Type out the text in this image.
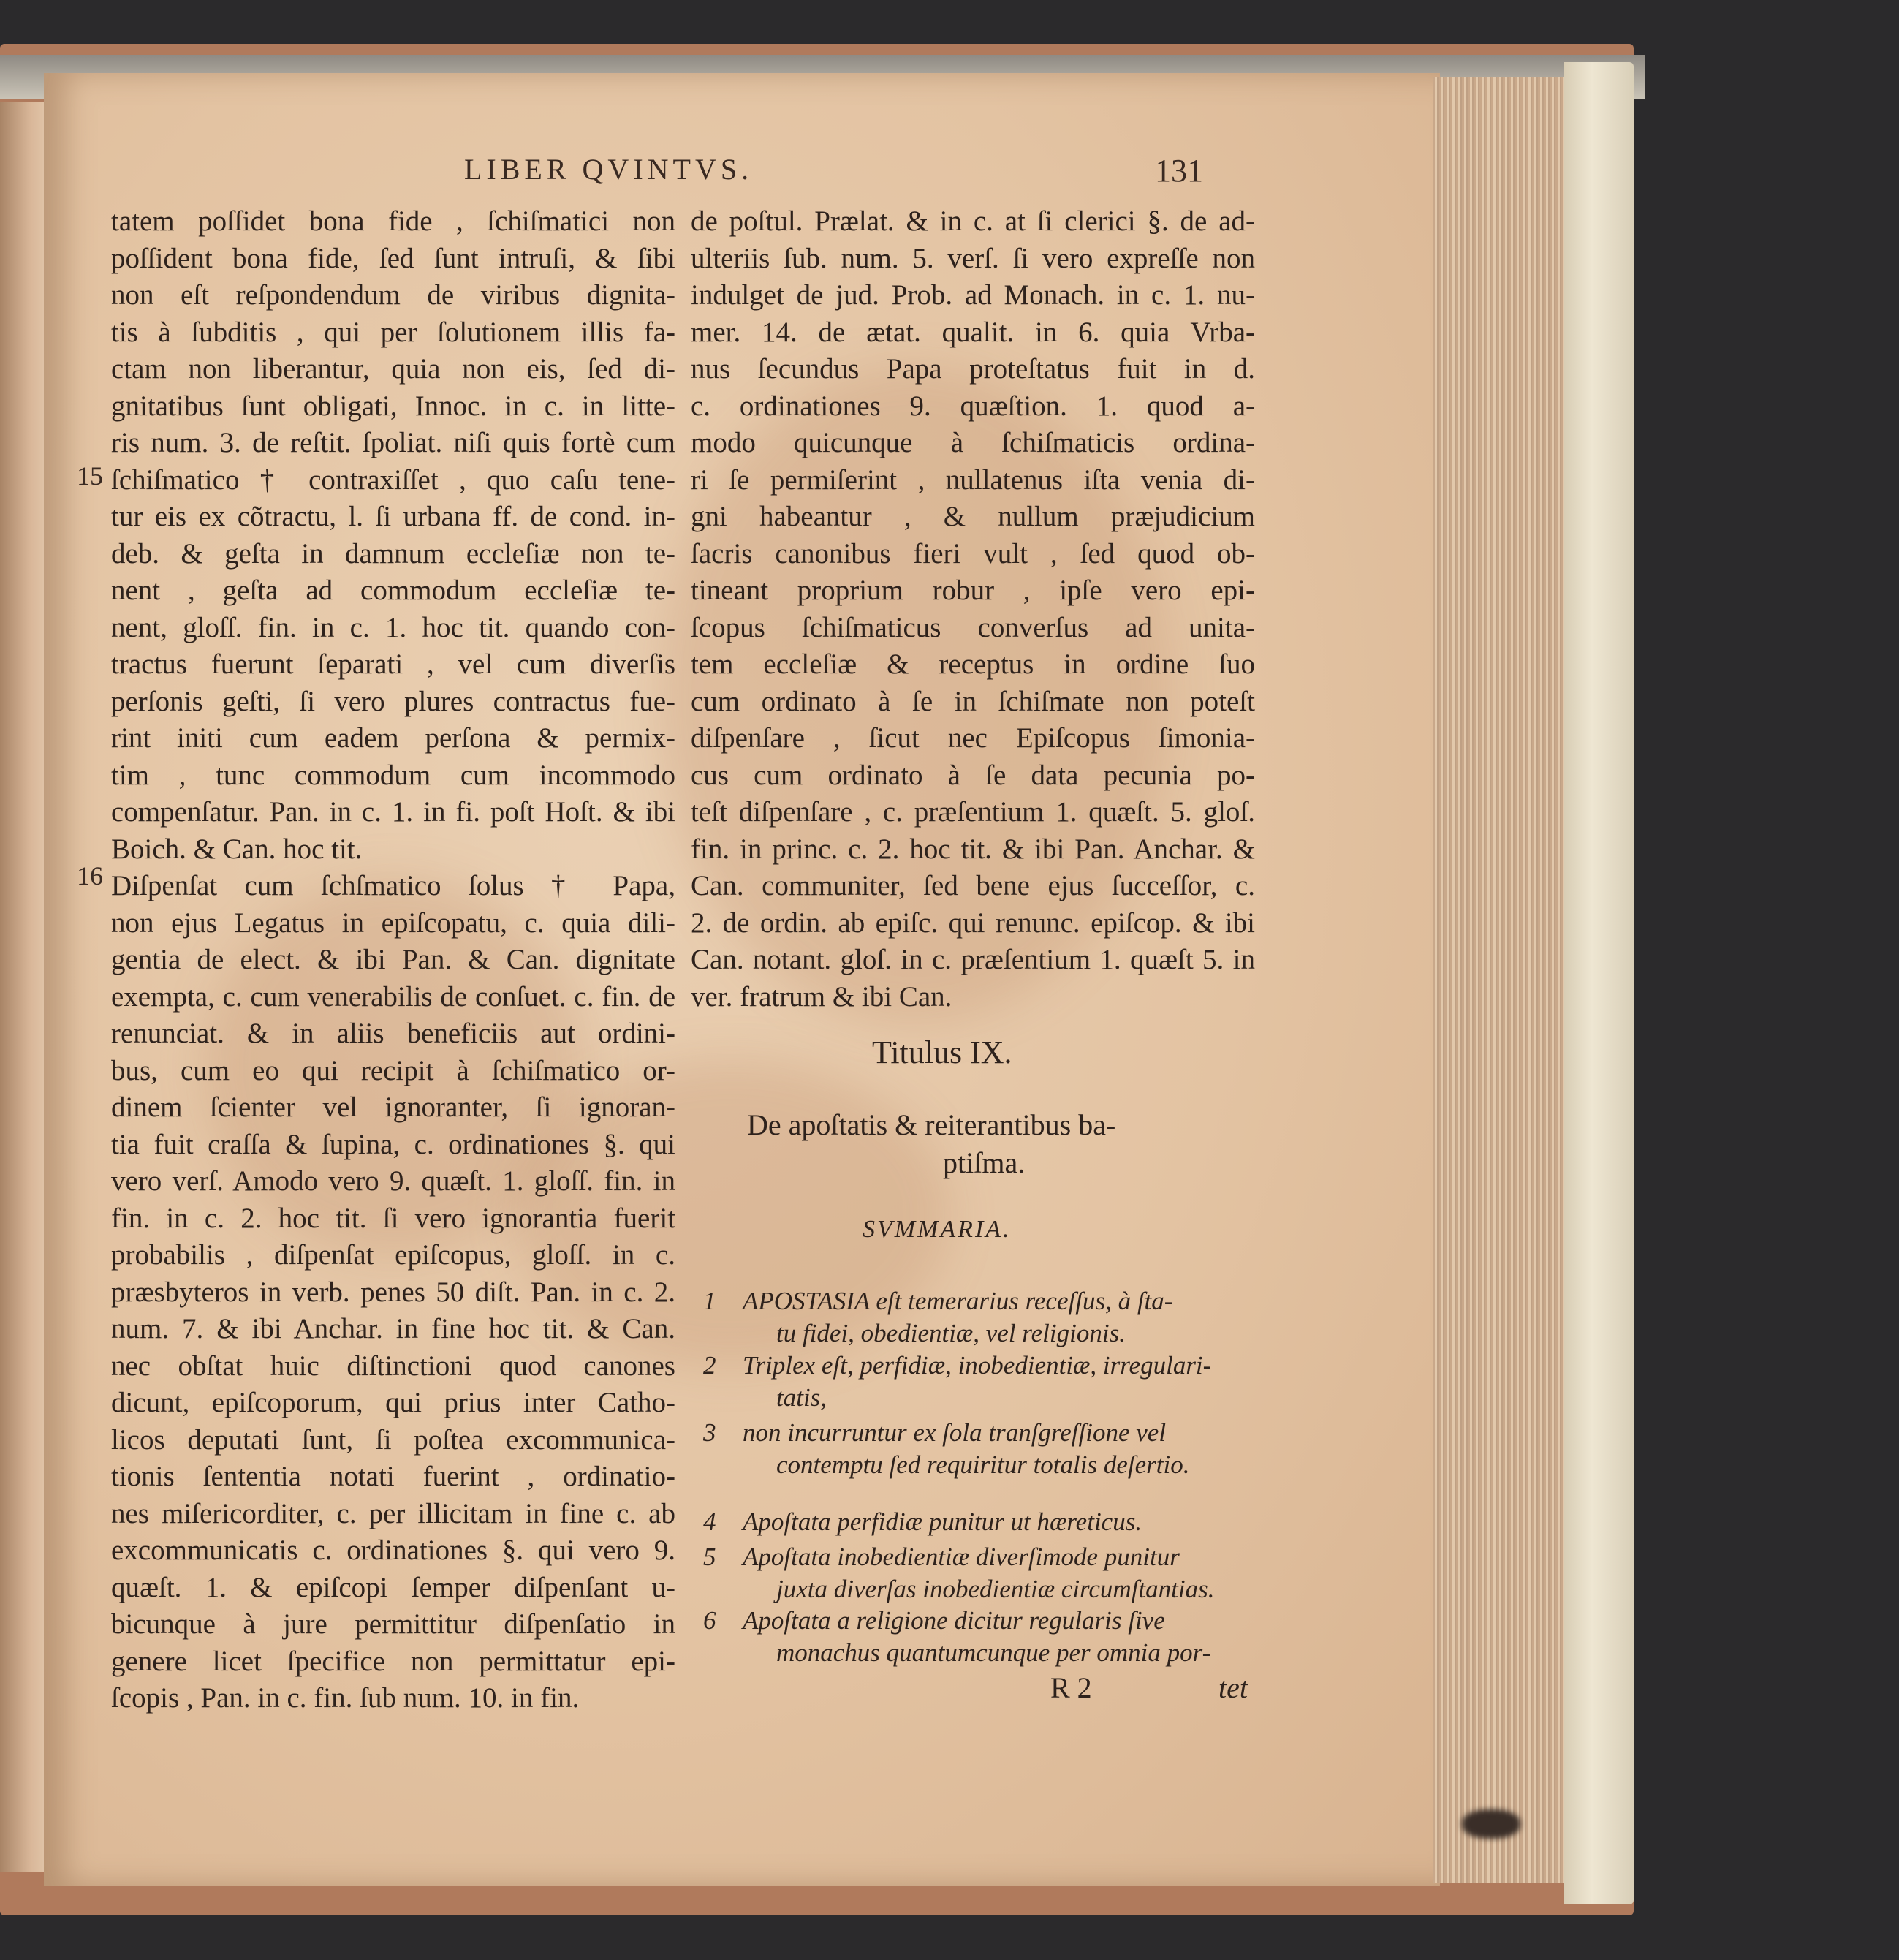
LIBER QVINTVS.	131
15
16
tatem poſſidet bona fide , ſchiſmatici non
poſſident bona fide, ſed ſunt intruſi, & ſibi
non eſt reſpondendum de viribus dignita-
tis à ſubditis , qui per ſolutionem illis fa-
ctam non liberantur, quia non eis, ſed di-
gnitatibus ſunt obligati, Innoc. in c. in litte-
ris num. 3. de reſtit. ſpoliat. niſi quis fortè cum
ſchiſmatico † contraxiſſet , quo caſu tene-
tur eis ex cõtractu, l. ſi urbana ff. de cond. in-
deb. & geſta in damnum eccleſiæ non te-
nent , geſta ad commodum eccleſiæ te-
nent, gloſſ. fin. in c. 1. hoc tit. quando con-
tractus fuerunt ſeparati , vel cum diverſis
perſonis geſti, ſi vero plures contractus fue-
rint initi cum eadem perſona & permix-
tim , tunc commodum cum incommodo
compenſatur. Pan. in c. 1. in fi. poſt Hoſt. & ibi
Boich. & Can. hoc tit.
Diſpenſat cum ſchſmatico ſolus † Papa,
non ejus Legatus in epiſcopatu, c. quia dili-
gentia de elect. & ibi Pan. & Can. dignitate
exempta, c. cum venerabilis de conſuet. c. fin. de
renunciat. & in aliis beneficiis aut ordini-
bus, cum eo qui recipit à ſchiſmatico or-
dinem ſcienter vel ignoranter, ſi ignoran-
tia fuit craſſa & ſupina, c. ordinationes §. qui
vero verſ. Amodo vero 9. quæſt. 1. gloſſ. fin. in
fin. in c. 2. hoc tit. ſi vero ignorantia fuerit
probabilis , diſpenſat epiſcopus, gloſſ. in c.
præsbyteros in verb. penes 50 diſt. Pan. in c. 2.
num. 7. & ibi Anchar. in fine hoc tit. & Can.
nec obſtat huic diſtinctioni quod canones
dicunt, epiſcoporum, qui prius inter Catho-
licos deputati ſunt, ſi poſtea excommunica-
tionis ſententia notati fuerint , ordinatio-
nes miſericorditer, c. per illicitam in fine c. ab
excommunicatis c. ordinationes §. qui vero 9.
quæſt. 1. & epiſcopi ſemper diſpenſant u-
bicunque à jure permittitur diſpenſatio in
genere licet ſpecifice non permittatur epi-
ſcopis , Pan. in c. fin. ſub num. 10. in fin.
de poſtul. Prælat. & in c. at ſi clerici §. de ad-
ulteriis ſub. num. 5. verſ. ſi vero expreſſe non
indulget de jud. Prob. ad Monach. in c. 1. nu-
mer. 14. de ætat. qualit. in 6. quia Vrba-
nus ſecundus Papa proteſtatus fuit in d.
c. ordinationes 9. quæſtion. 1. quod a-
modo quicunque à ſchiſmaticis ordina-
ri ſe permiſerint , nullatenus iſta venia di-
gni habeantur , & nullum præjudicium
ſacris canonibus fieri vult , ſed quod ob-
tineant proprium robur , ipſe vero epi-
ſcopus ſchiſmaticus converſus ad unita-
tem eccleſiæ & receptus in ordine ſuo
cum ordinato à ſe in ſchiſmate non poteſt
diſpenſare , ſicut nec Epiſcopus ſimonia-
cus cum ordinato à ſe data pecunia po-
teſt diſpenſare , c. præſentium 1. quæſt. 5. gloſ.
fin. in princ. c. 2. hoc tit. & ibi Pan. Anchar. &
Can. communiter, ſed bene ejus ſucceſſor, c.
2. de ordin. ab epiſc. qui renunc. epiſcop. & ibi
Can. notant. gloſ. in c. præſentium 1. quæſt 5. in
ver. fratrum & ibi Can.
Titulus IX.
De apoſtatis & reiterantibus ba-
ptiſma.
SVMMARIA.
1 APOSTASIA eſt temerarius receſſus, à ſta-
tu fidei, obedientiæ, vel religionis.
2 Triplex eſt, perfidiæ, inobedientiæ, irregulari-
tatis,
3 non incurruntur ex ſola tranſgreſſione vel
contemptu ſed requiritur totalis deſertio.
4 Apoſtata perfidiæ punitur ut hæreticus.
5 Apoſtata inobedientiæ diverſimode punitur
juxta diverſas inobedientiæ circumſtantias.
6 Apoſtata a religione dicitur regularis ſive
monachus quantumcunque per omnia por-
R 2	tet
